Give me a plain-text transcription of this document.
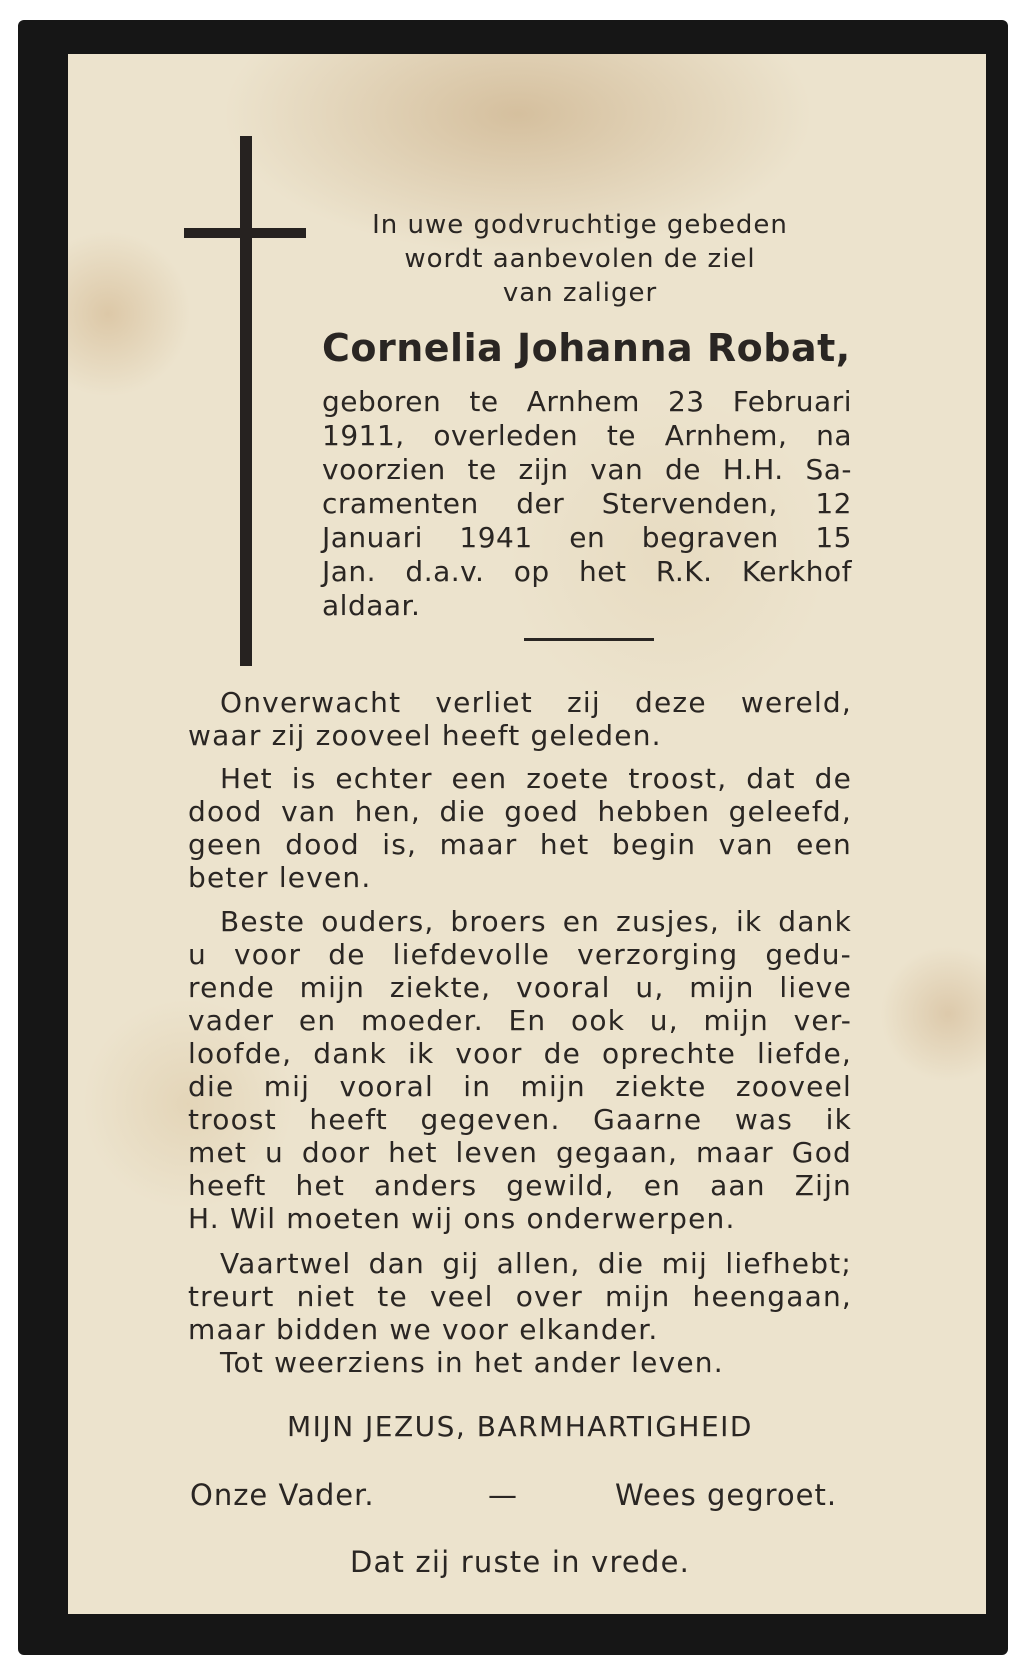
In uwe godvruchtige gebeden
wordt aanbevolen de ziel
van zaliger
Cornelia Johanna Robat,
geboren te Arnhem 23 Februari
1911, overleden te Arnhem, na
voorzien te zijn van de H.H. Sa-
cramenten der Stervenden, 12
Januari 1941 en begraven 15
Jan. d.a.v. op het R.K. Kerkhof
aldaar.
Onverwacht verliet zij deze wereld,
waar zij zooveel heeft geleden.
Het is echter een zoete troost, dat de
dood van hen, die goed hebben geleefd,
geen dood is, maar het begin van een
beter leven.
Beste ouders, broers en zusjes, ik dank
u voor de liefdevolle verzorging gedu-
rende mijn ziekte, vooral u, mijn lieve
vader en moeder. En ook u, mijn ver-
loofde, dank ik voor de oprechte liefde,
die mij vooral in mijn ziekte zooveel
troost heeft gegeven. Gaarne was ik
met u door het leven gegaan, maar God
heeft het anders gewild, en aan Zijn
H. Wil moeten wij ons onderwerpen.
Vaartwel dan gij allen, die mij liefhebt;
treurt niet te veel over mijn heengaan,
maar bidden we voor elkander.
Tot weerziens in het ander leven.
MIJN JEZUS, BARMHARTIGHEID
Onze Vader.	—	Wees gegroet.
Dat zij ruste in vrede.
